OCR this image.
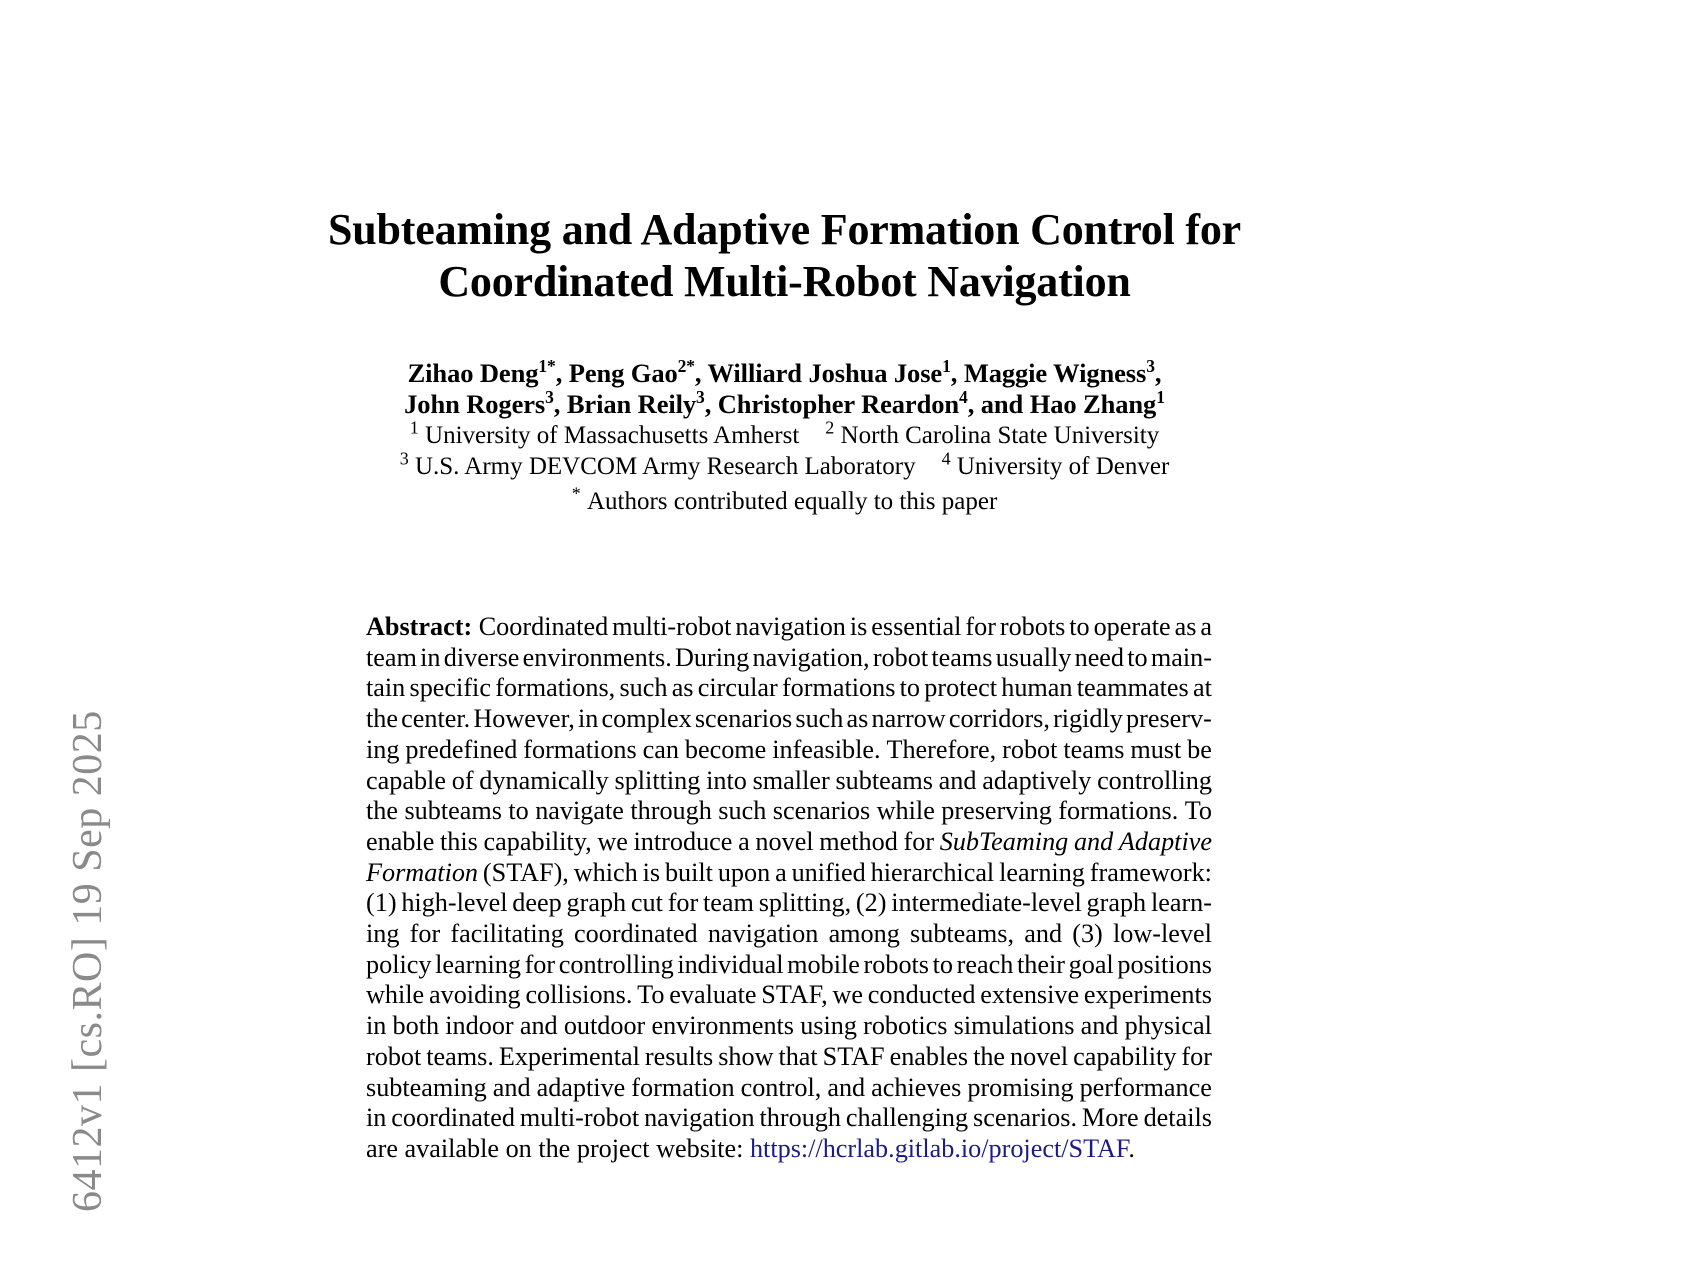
6412v1 [cs.RO] 19 Sep 2025
Subteaming and Adaptive Formation Control for
Coordinated Multi-Robot Navigation
Zihao Deng$^{1*}$, Peng Gao$^{2*}$, Williard Joshua Jose$^1$, Maggie Wigness$^3$,
John Rogers$^3$, Brian Reily$^3$, Christopher Reardon$^4$, and Hao Zhang$^1$
$^1$ University of Massachusetts Amherst $^2$ North Carolina State University
$^3$ U.S. Army DEVCOM Army Research Laboratory $^4$ University of Denver
* Authors contributed equally to this paper
Abstract: Coordinated multi-robot navigation is essential for robots to operate as a
team in diverse environments. During navigation, robot teams usually need to main-
tain specific formations, such as circular formations to protect human teammates at
the center. However, in complex scenarios such as narrow corridors, rigidly preserv-
ing predefined formations can become infeasible. Therefore, robot teams must be
capable of dynamically splitting into smaller subteams and adaptively controlling
the subteams to navigate through such scenarios while preserving formations. To
enable this capability, we introduce a novel method for SubTeaming and Adaptive
Formation (STAF), which is built upon a unified hierarchical learning framework:
(1) high-level deep graph cut for team splitting, (2) intermediate-level graph learn-
ing for facilitating coordinated navigation among subteams, and (3) low-level
policy learning for controlling individual mobile robots to reach their goal positions
while avoiding collisions. To evaluate STAF, we conducted extensive experiments
in both indoor and outdoor environments using robotics simulations and physical
robot teams. Experimental results show that STAF enables the novel capability for
subteaming and adaptive formation control, and achieves promising performance
in coordinated multi-robot navigation through challenging scenarios. More details
are available on the project website: https://hcrlab.gitlab.io/project/STAF.
